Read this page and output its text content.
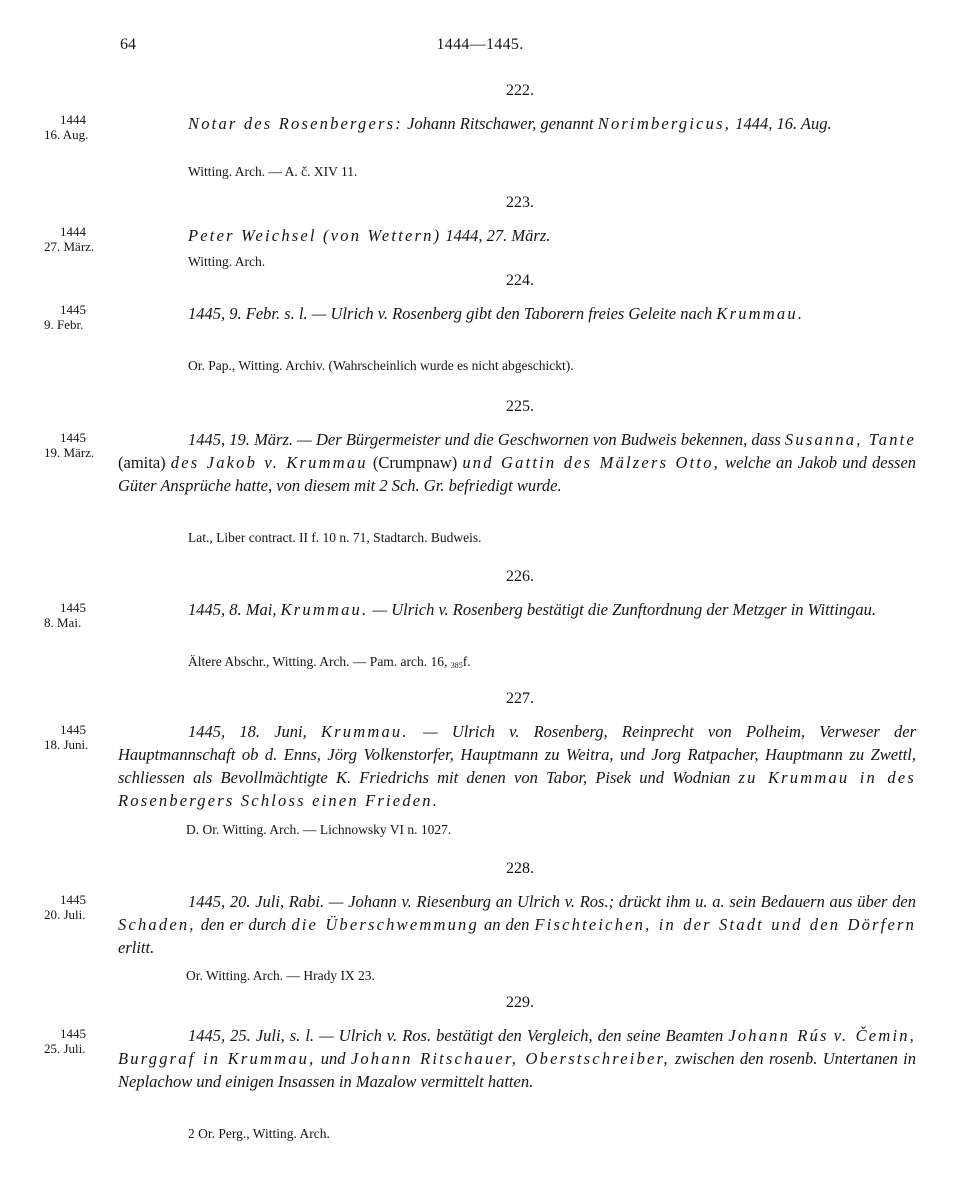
64	1444—1445.
222.
1444
16. Aug.

Notar des Rosenbergers: Johann Ritschawer, genannt Norimbergicus, 1444, 16. Aug.

Witting. Arch. — A. č. XIV 11.
223.
1444
27. März.

Peter Weichsel (von Wettern) 1444, 27. März.

Witting. Arch.
224.
1445
9. Febr.

1445, 9. Febr. s. l. — Ulrich v. Rosenberg gibt den Taborern freies Geleite nach Krummau.

Or. Pap., Witting. Archiv. (Wahrscheinlich wurde es nicht abgeschickt).
225.
1445
19. März.

1445, 19. März. — Der Bürgermeister und die Geschwornen von Budweis bekennen, dass Susanna, Tante (amita) des Jakob v. Krummau (Crumpnaw) und Gattin des Mälzers Otto, welche an Jakob und dessen Güter Ansprüche hatte, von diesem mit 2 Sch. Gr. befriedigt wurde.

Lat., Liber contract. II f. 10 n. 71, Stadtarch. Budweis.
226.
1445
8. Mai.

1445, 8. Mai, Krummau. — Ulrich v. Rosenberg bestätigt die Zunftordnung der Metzger in Wittingau.

Ältere Abschr., Witting. Arch. — Pam. arch. 16, $_{385}$f.
227.
1445
18. Juni.

1445, 18. Juni, Krummau. — Ulrich v. Rosenberg, Reinprecht von Polheim, Verweser der Hauptmannschaft ob d. Enns, Jörg Volkenstorfer, Hauptmann zu Weitra, und Jorg Ratpacher, Hauptmann zu Zwettl, schliessen als Bevollmächtigte K. Friedrichs mit denen von Tabor, Pisek und Wodnian zu Krummau in des Rosenbergers Schloss einen Frieden.

D. Or. Witting. Arch. — Lichnowsky VI n. 1027.
228.
1445
20. Juli.

1445, 20. Juli, Rabi. — Johann v. Riesenburg an Ulrich v. Ros.; drückt ihm u. a. sein Bedauern aus über den Schaden, den er durch die Überschwemmung an den Fischteichen, in der Stadt und den Dörfern erlitt.

Or. Witting. Arch. — Hrady IX 23.
229.
1445
25. Juli.

1445, 25. Juli, s. l. — Ulrich v. Ros. bestätigt den Vergleich, den seine Beamten Johann Rús v. Čemin, Burggraf in Krummau, und Johann Ritschauer, Oberstschreiber, zwischen den rosenb. Untertanen in Neplachow und einigen Insassen in Mazalow vermittelt hatten.

2 Or. Perg., Witting. Arch.
